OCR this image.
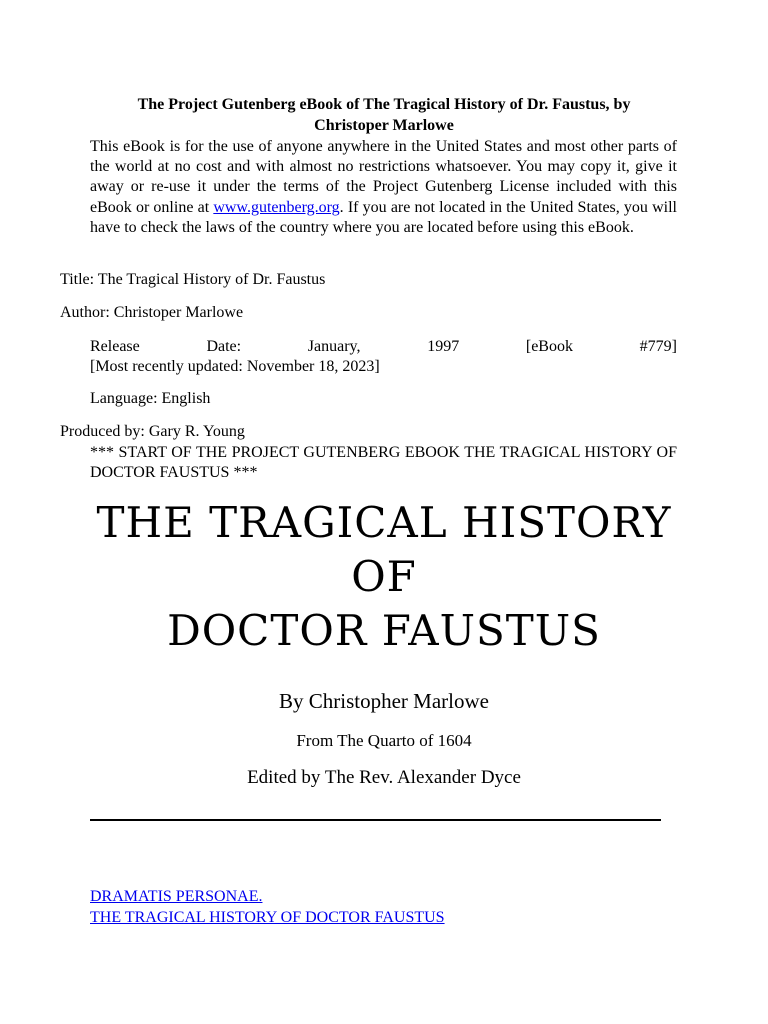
The Project Gutenberg eBook of The Tragical History of Dr. Faustus, by
Christoper Marlowe
This eBook is for the use of anyone anywhere in the United States and most other parts of the world at no cost and with almost no restrictions whatsoever. You may copy it, give it away or re-use it under the terms of the Project Gutenberg License included with this eBook or online at www.gutenberg.org. If you are not located in the United States, you will have to check the laws of the country where you are located before using this eBook.
Title: The Tragical History of Dr. Faustus
Author: Christoper Marlowe
Release	Date:	January,	1997	[eBook	#779]
[Most recently updated: November 18, 2023]
Language: English
Produced by: Gary R. Young
*** START OF THE PROJECT GUTENBERG EBOOK THE TRAGICAL HISTORY OF DOCTOR FAUSTUS ***
THE TRAGICAL HISTORY
OF
DOCTOR FAUSTUS
By Christopher Marlowe
From The Quarto of 1604
Edited by The Rev. Alexander Dyce
DRAMATIS PERSONAE.
THE TRAGICAL HISTORY OF DOCTOR FAUSTUS
